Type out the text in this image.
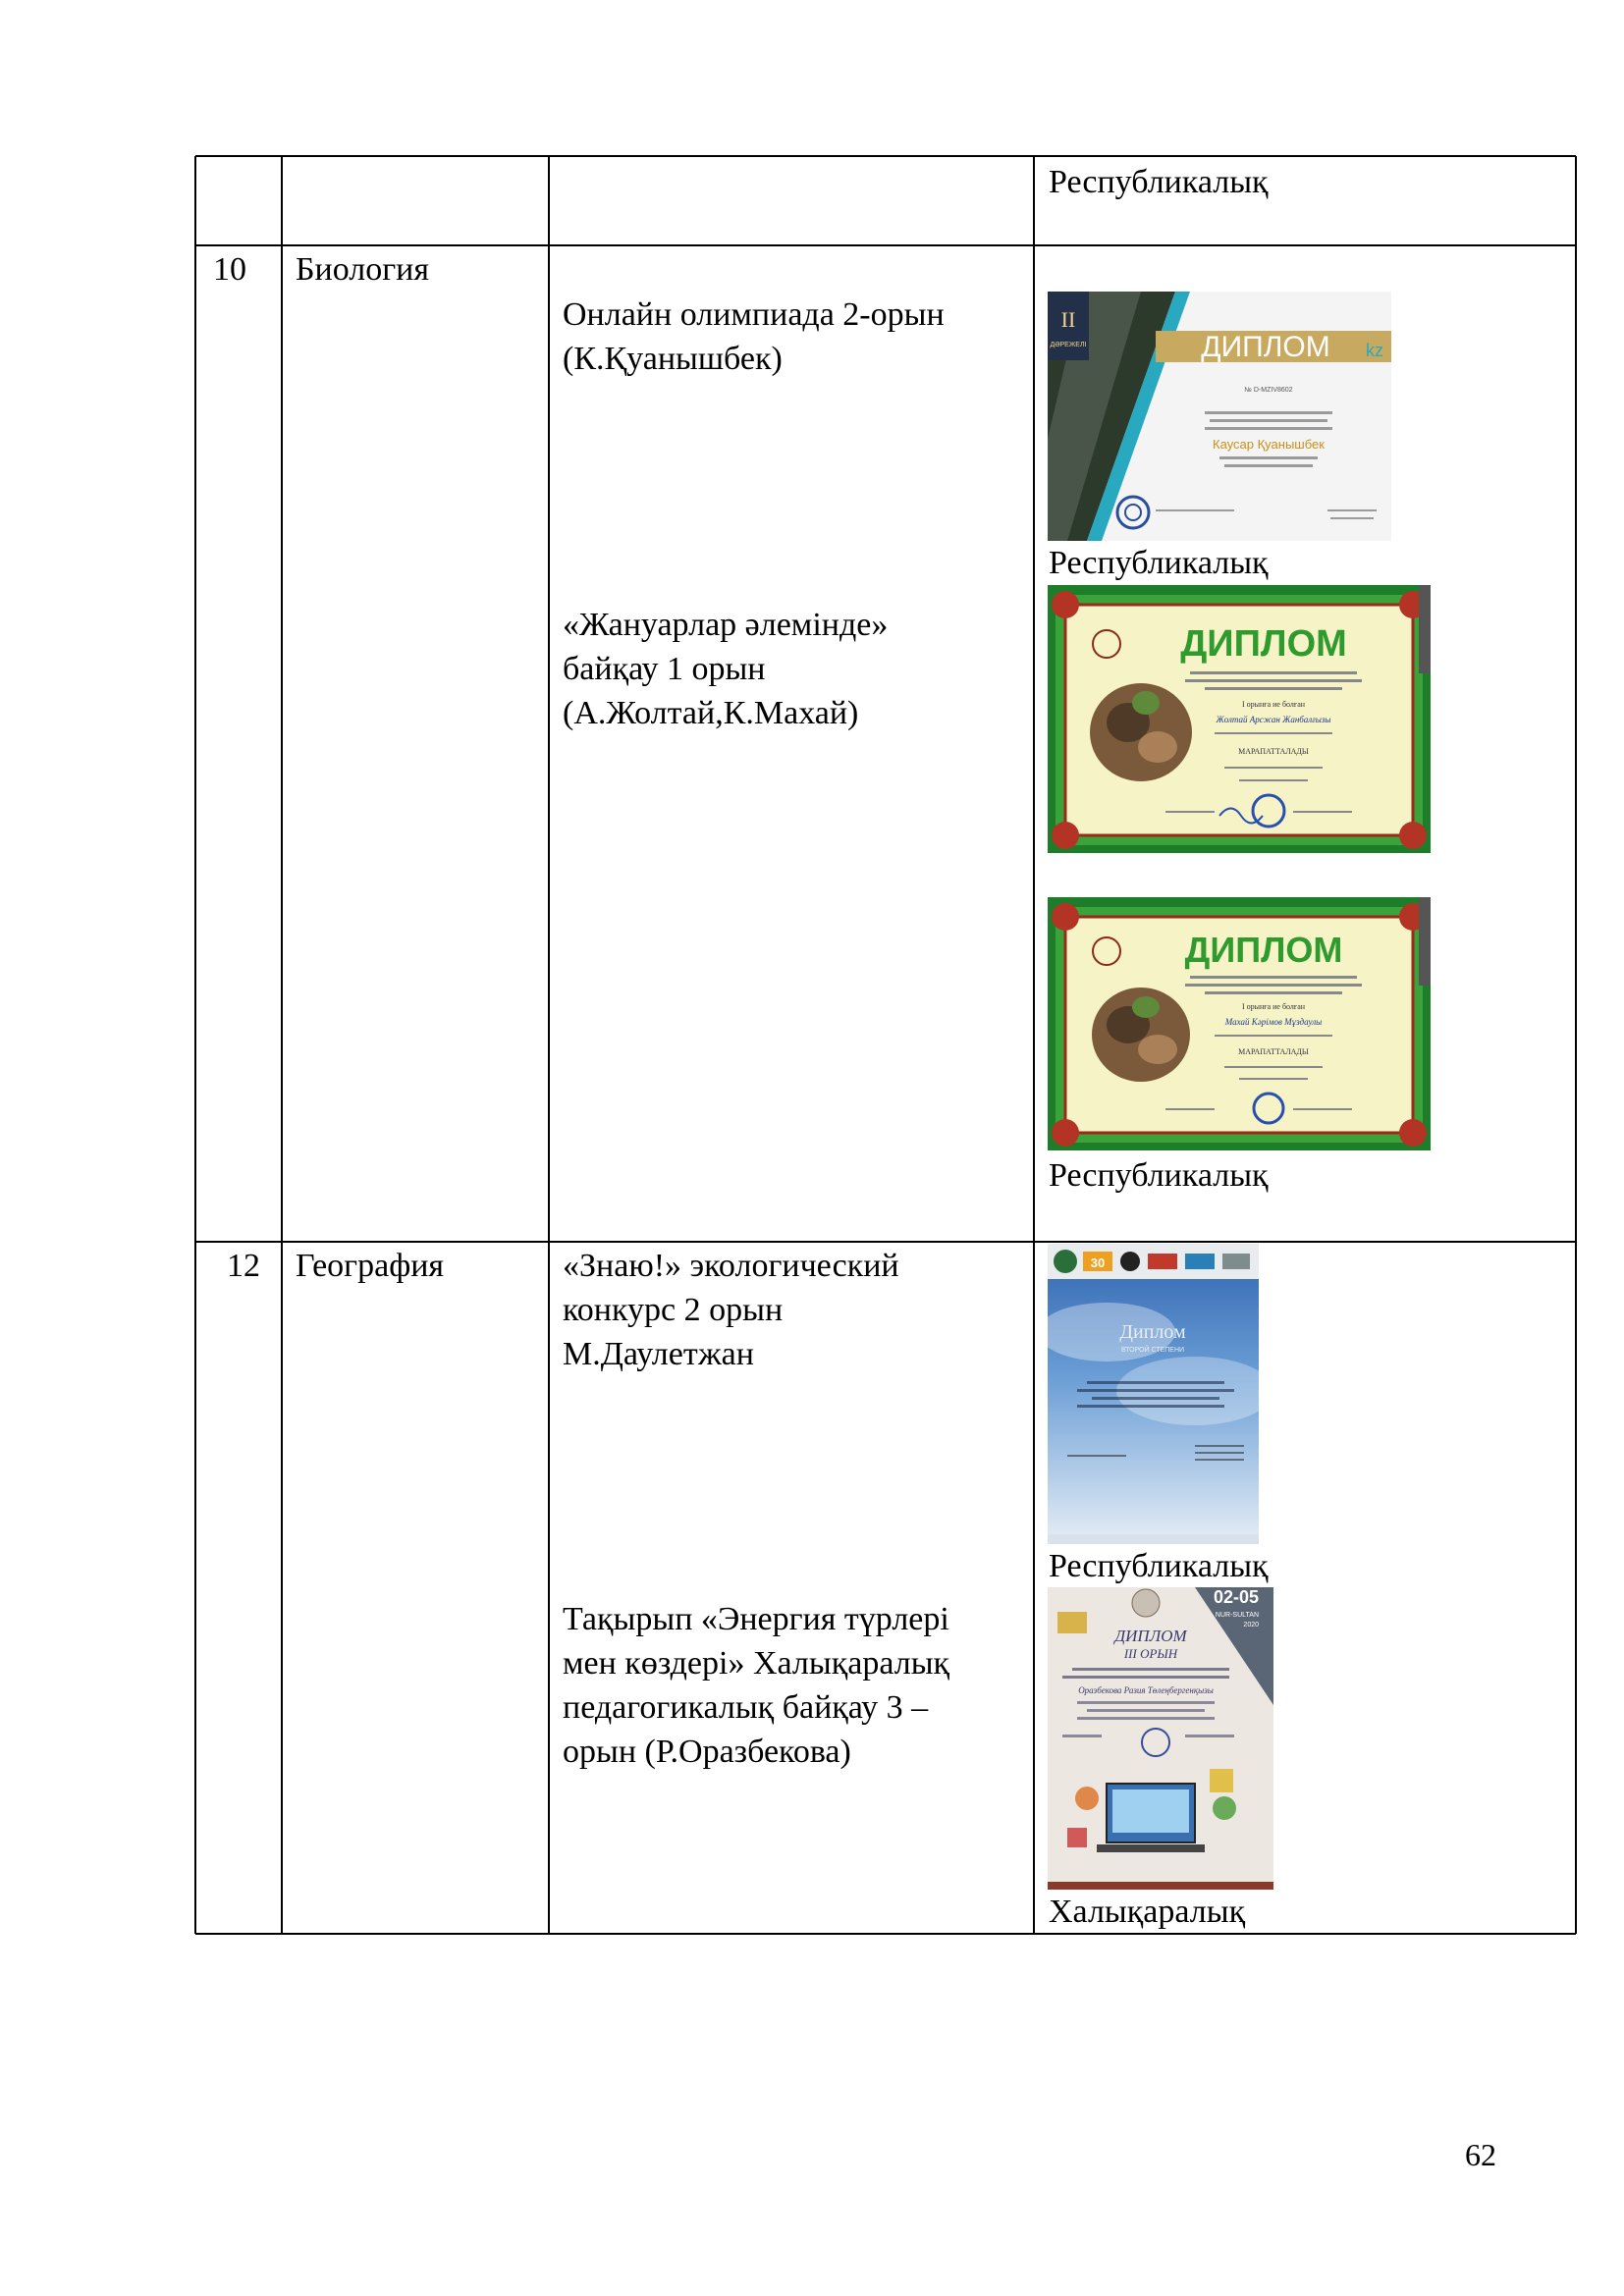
Республикалық
10 Биология
Онлайн олимпиада 2-орын
(К.Қуанышбек)
Республикалық
«Жануарлар әлемінде»
байқау 1 орын
(А.Жолтай,К.Махай)
Республикалық
12 География	«Знаю!» экологический
конкурс 2 орын
М.Даулетжан
Республикалық
Тақырып «Энергия түрлері
мен көздері» Халықаралық
педагогикалық байқау 3 –
орын (Р.Оразбекова)
Халықаралық
II
ДӘРЕЖЕЛІ	ДИПЛОМ kz
№ D-MZIV8602
Каусар Қуанышбек
ДИПЛОМ
I орынға ие болған
Жолтай Арсжан Жанбалғызы
МАРАПАТТАЛАДЫ
ДИПЛОМ
I орынға ие болған
Махай Кәрімов Мұздаулы
МАРАПАТТАЛАДЫ
30
Диплом
ВТОРОЙ СТЕПЕНИ
02-05
NUR-SULTAN
2020
ДИПЛОМ
III ОРЫН
Оразбекова Разия Төлеңбергенқызы
62
